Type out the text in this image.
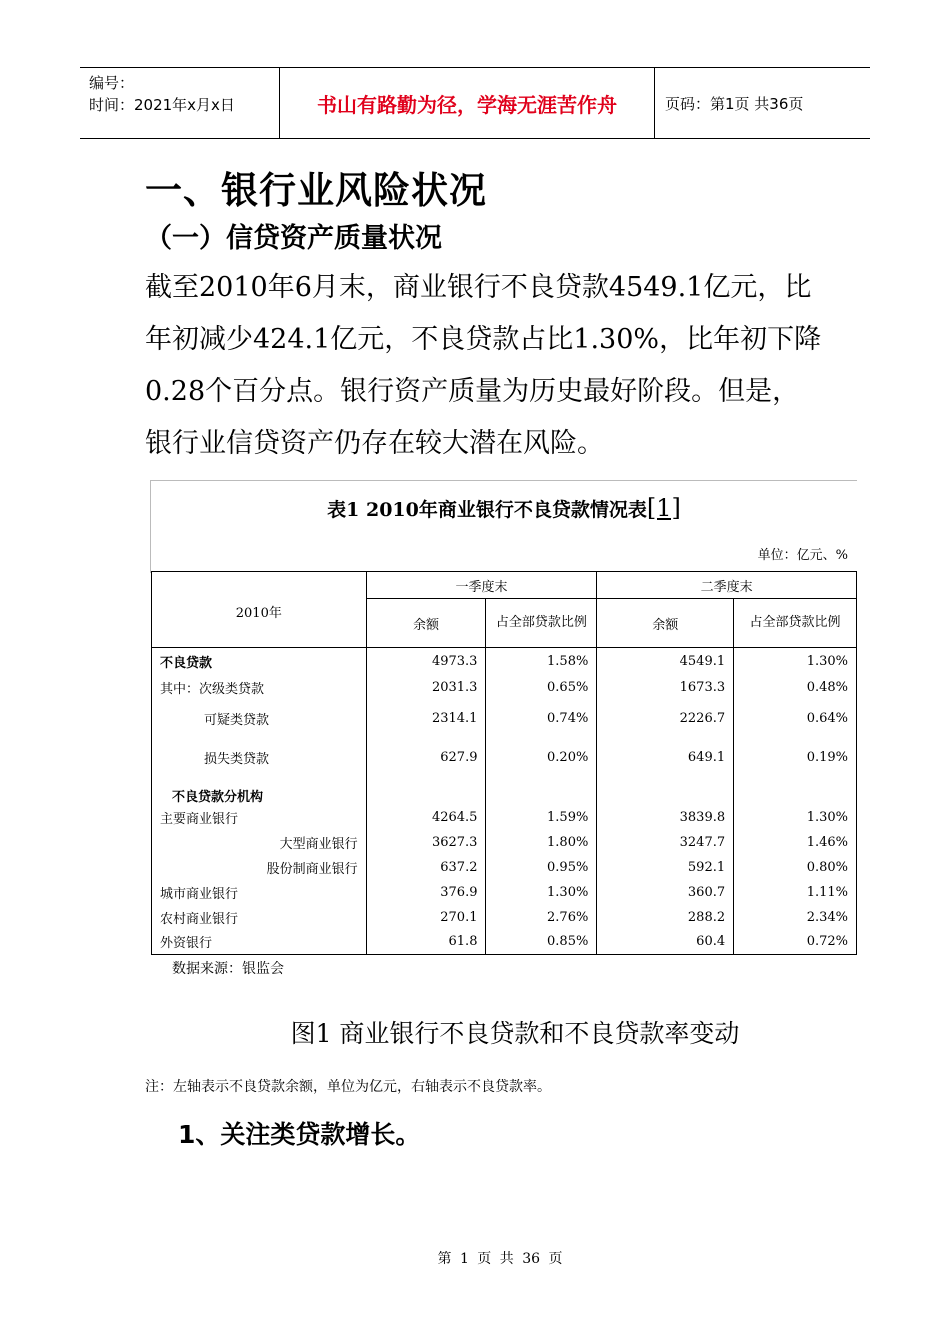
编号：
时间：2021年x月x日	书山有路勤为径，学海无涯苦作舟	页码：第1页 共36页
一、银行业风险状况
（一）信贷资产质量状况
截至2010年6月末，商业银行不良贷款4549.1亿元，比年初减少424.1亿元，不良贷款占比1.30%，比年初下降0.28个百分点。银行资产质量为历史最好阶段。但是，银行业信贷资产仍存在较大潜在风险。
表1 2010年商业银行不良贷款情况表[1]
单位：亿元、%
2010年	一季度末		二季度末	
	余额	占全部贷款比例	余额	占全部贷款比例
不良贷款	4973.3	1.58%	4549.1	1.30%
其中：次级类贷款	2031.3	0.65%	1673.3	0.48%
可疑类贷款	2314.1	0.74%	2226.7	0.64%
损失类贷款	627.9	0.20%	649.1	0.19%
不良贷款分机构				
主要商业银行	4264.5	1.59%	3839.8	1.30%
大型商业银行	3627.3	1.80%	3247.7	1.46%
股份制商业银行	637.2	0.95%	592.1	0.80%
城市商业银行	376.9	1.30%	360.7	1.11%
农村商业银行	270.1	2.76%	288.2	2.34%
外资银行	61.8	0.85%	60.4	0.72%
数据来源：银监会
图1 商业银行不良贷款和不良贷款率变动
注：左轴表示不良贷款余额，单位为亿元，右轴表示不良贷款率。
1、关注类贷款增长。
第 1 页 共 36 页
